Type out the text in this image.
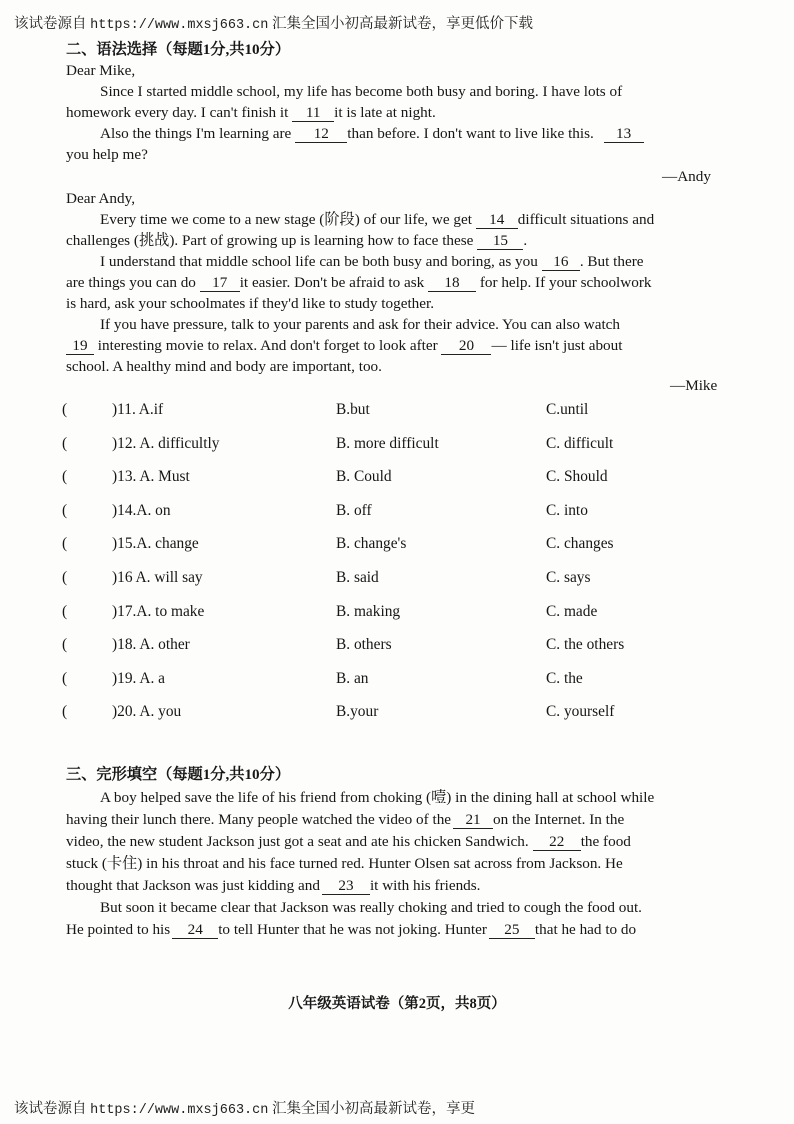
该试卷源自 https://www.mxsj663.cn 汇集全国小初高最新试卷，享更低价下载
二、语法选择（每题1分,共10分）
Dear Mike,
Since I started middle school, my life has become both busy and boring. I have lots of
homework every day. I can't finish it 11 it is late at night.
Also the things I'm learning are 12 than before. I don't want to live like this. 13
you help me?
—Andy
Dear Andy,
Every time we come to a new stage (阶段) of our life, we get 14 difficult situations and
challenges (挑战). Part of growing up is learning how to face these 15 .
I understand that middle school life can be both busy and boring, as you 16 . But there
are things you can do 17 it easier. Don't be afraid to ask 18 for help. If your schoolwork
is hard, ask your schoolmates if they'd like to study together.
If you have pressure, talk to your parents and ask for their advice. You can also watch
19 interesting movie to relax. And don't forget to look after 20 — life isn't just about
school. A healthy mind and body are important, too.
—Mike
(	)11. A.if	B.but	C.until
(	)12. A. difficultly	B. more difficult	C. difficult
(	)13. A. Must	B. Could	C. Should
(	)14.A. on	B. off	C. into
(	)15.A. change	B. change's	C. changes
(	)16 A. will say	B. said	C. says
(	)17.A. to make	B. making	C. made
(	)18. A. other	B. others	C. the others
(	)19. A. a	B. an	C. the
(	)20. A. you	B.your	C. yourself
三、完形填空（每题1分,共10分）
A boy helped save the life of his friend from choking (噎) in the dining hall at school while
having their lunch there. Many people watched the video of the 21 on the Internet. In the
video, the new student Jackson just got a seat and ate his chicken Sandwich. 22 the food
stuck (卡住) in his throat and his face turned red. Hunter Olsen sat across from Jackson. He
thought that Jackson was just kidding and 23 it with his friends.
But soon it became clear that Jackson was really choking and tried to cough the food out.
He pointed to his 24 to tell Hunter that he was not joking. Hunter 25 that he had to do
八年级英语试卷（第2页，共8页）
该试卷源自 https://www.mxsj663.cn 汇集全国小初高最新试卷，享更
